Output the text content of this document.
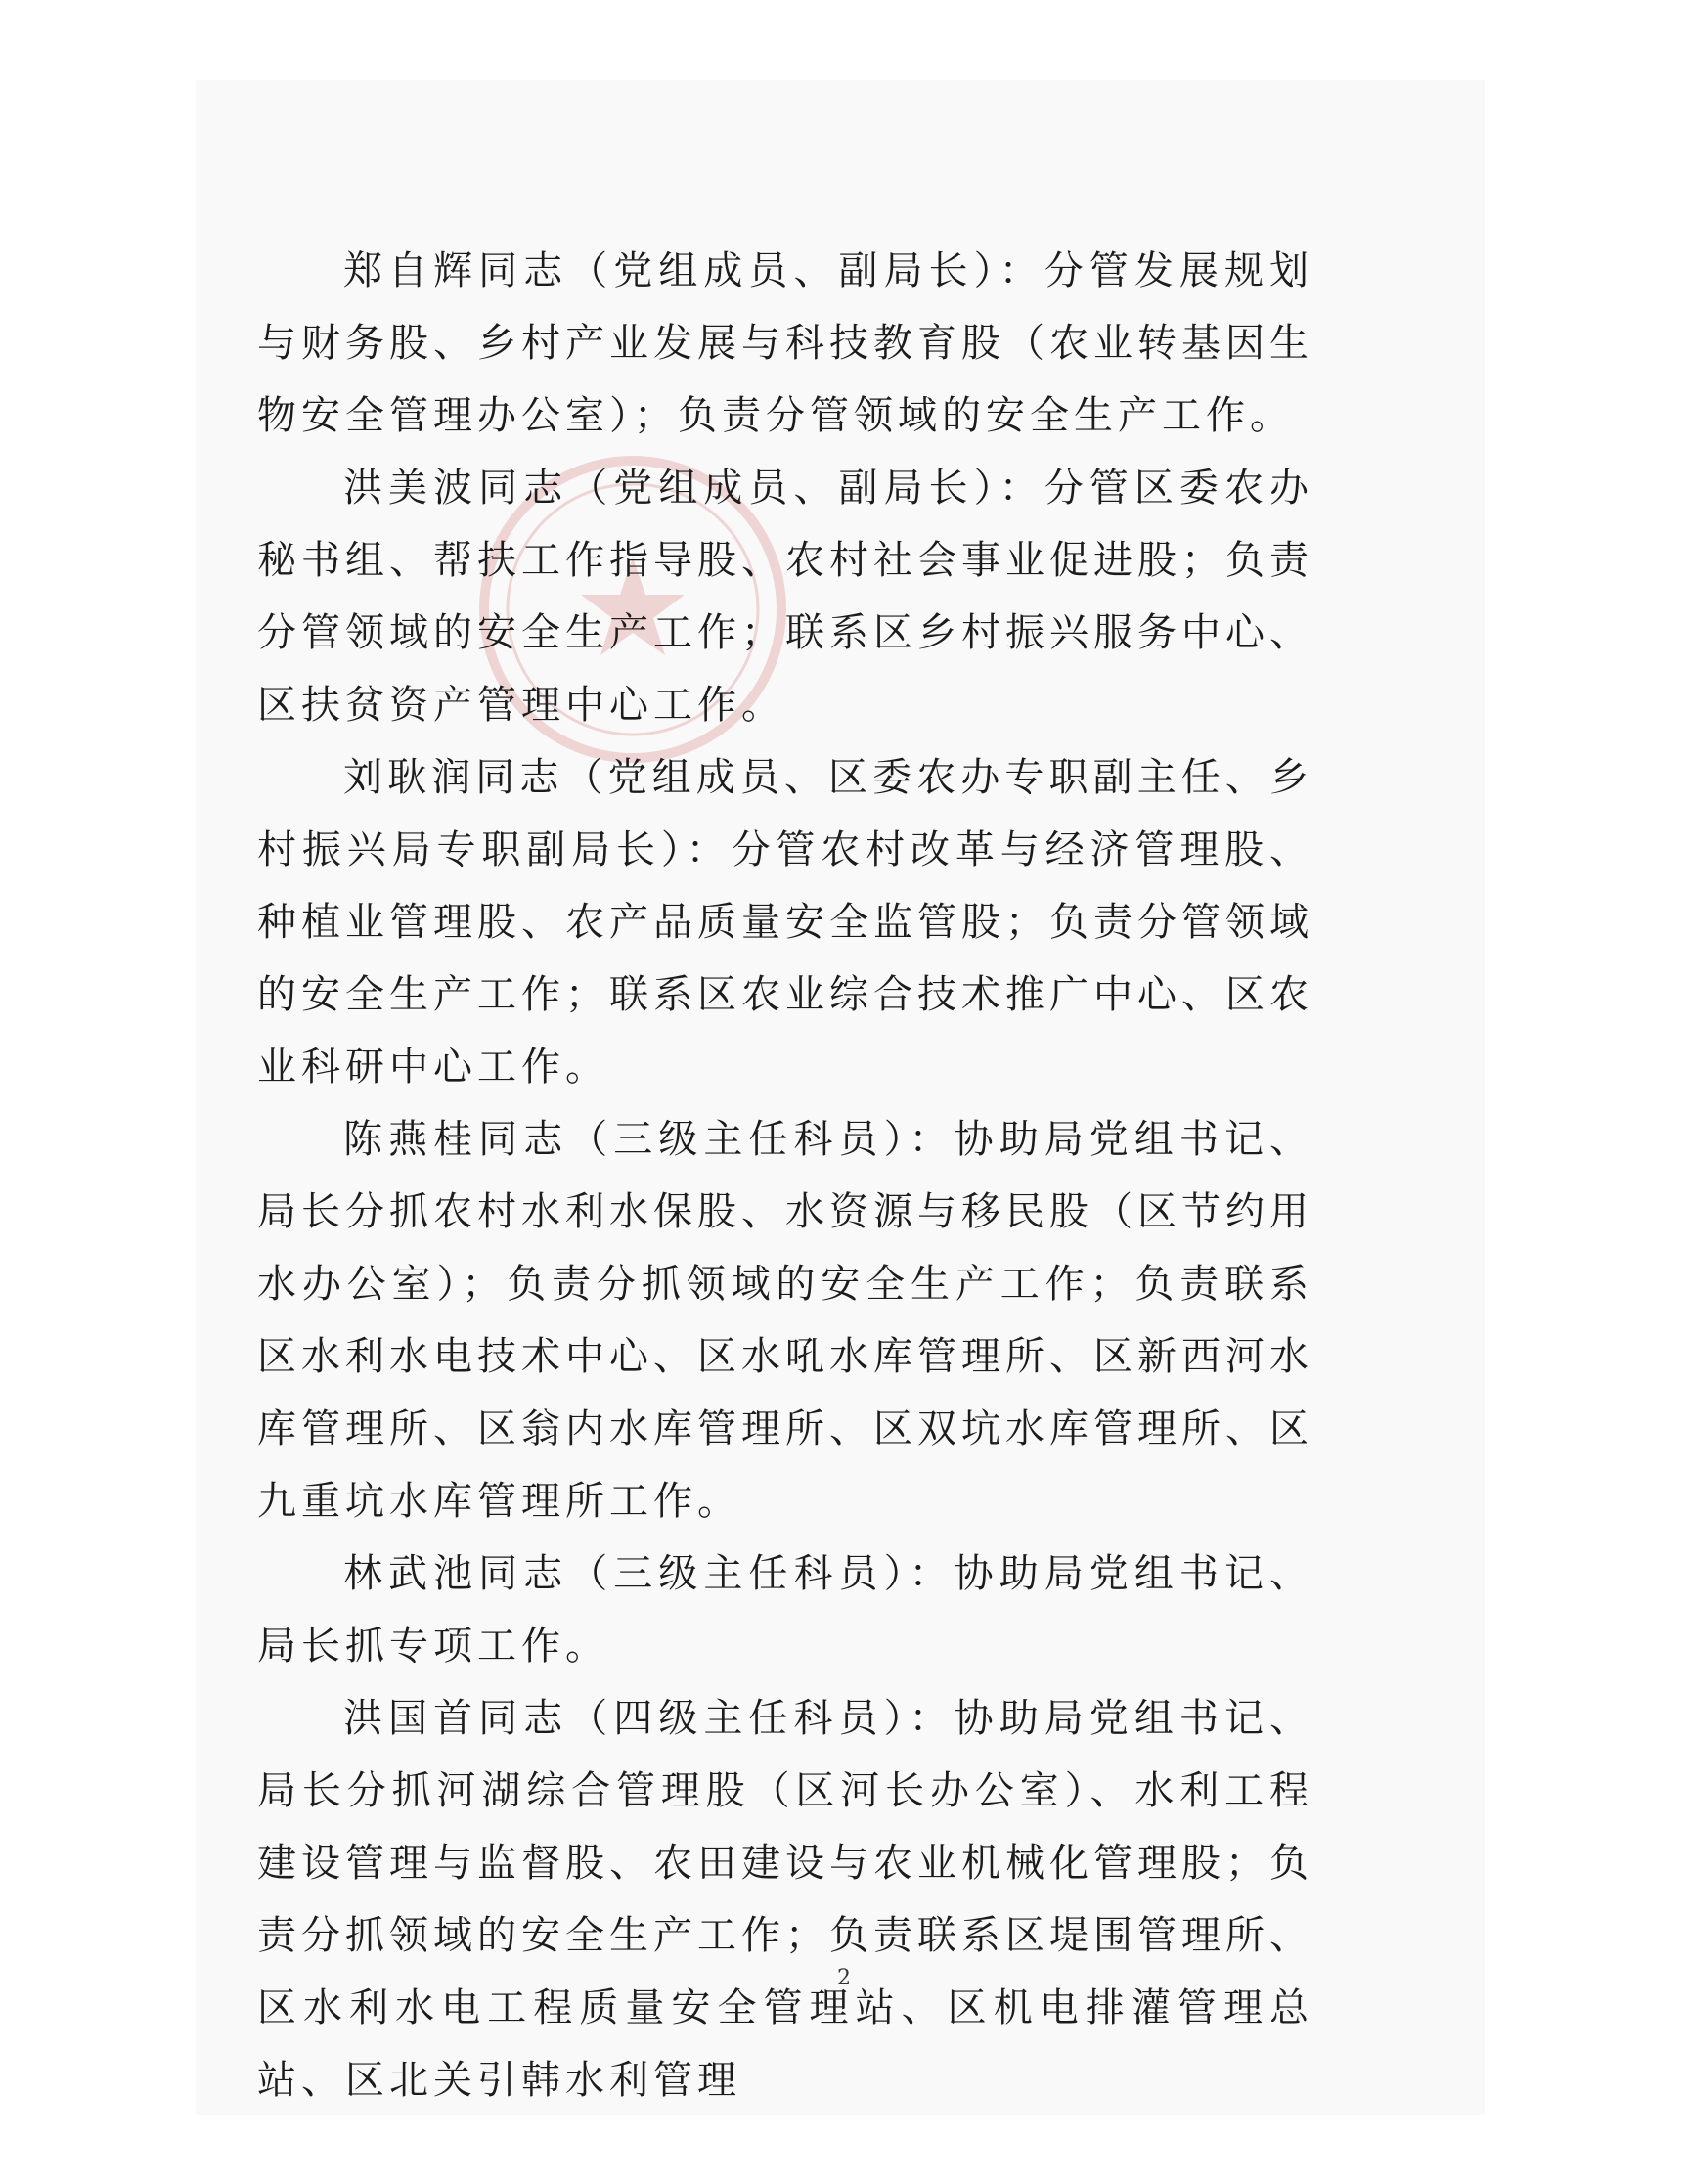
郑自辉同志（党组成员、副局长）：分管发展规划与财务股、乡村产业发展与科技教育股（农业转基因生物安全管理办公室）；负责分管领域的安全生产工作。

洪美波同志（党组成员、副局长）：分管区委农办秘书组、帮扶工作指导股、农村社会事业促进股；负责分管领域的安全生产工作；联系区乡村振兴服务中心、区扶贫资产管理中心工作。

刘耿润同志（党组成员、区委农办专职副主任、乡村振兴局专职副局长）：分管农村改革与经济管理股、种植业管理股、农产品质量安全监管股；负责分管领域的安全生产工作；联系区农业综合技术推广中心、区农业科研中心工作。

陈燕桂同志（三级主任科员）：协助局党组书记、局长分抓农村水利水保股、水资源与移民股（区节约用水办公室）；负责分抓领域的安全生产工作；负责联系区水利水电技术中心、区水吼水库管理所、区新西河水库管理所、区翁内水库管理所、区双坑水库管理所、区九重坑水库管理所工作。

林武池同志（三级主任科员）：协助局党组书记、局长抓专项工作。

洪国首同志（四级主任科员）：协助局党组书记、局长分抓河湖综合管理股（区河长办公室）、水利工程建设管理与监督股、农田建设与农业机械化管理股；负责分抓领域的安全生产工作；负责联系区堤围管理所、区水利水电工程质量安全管理站、区机电排灌管理总站、区北关引韩水利管理

2
